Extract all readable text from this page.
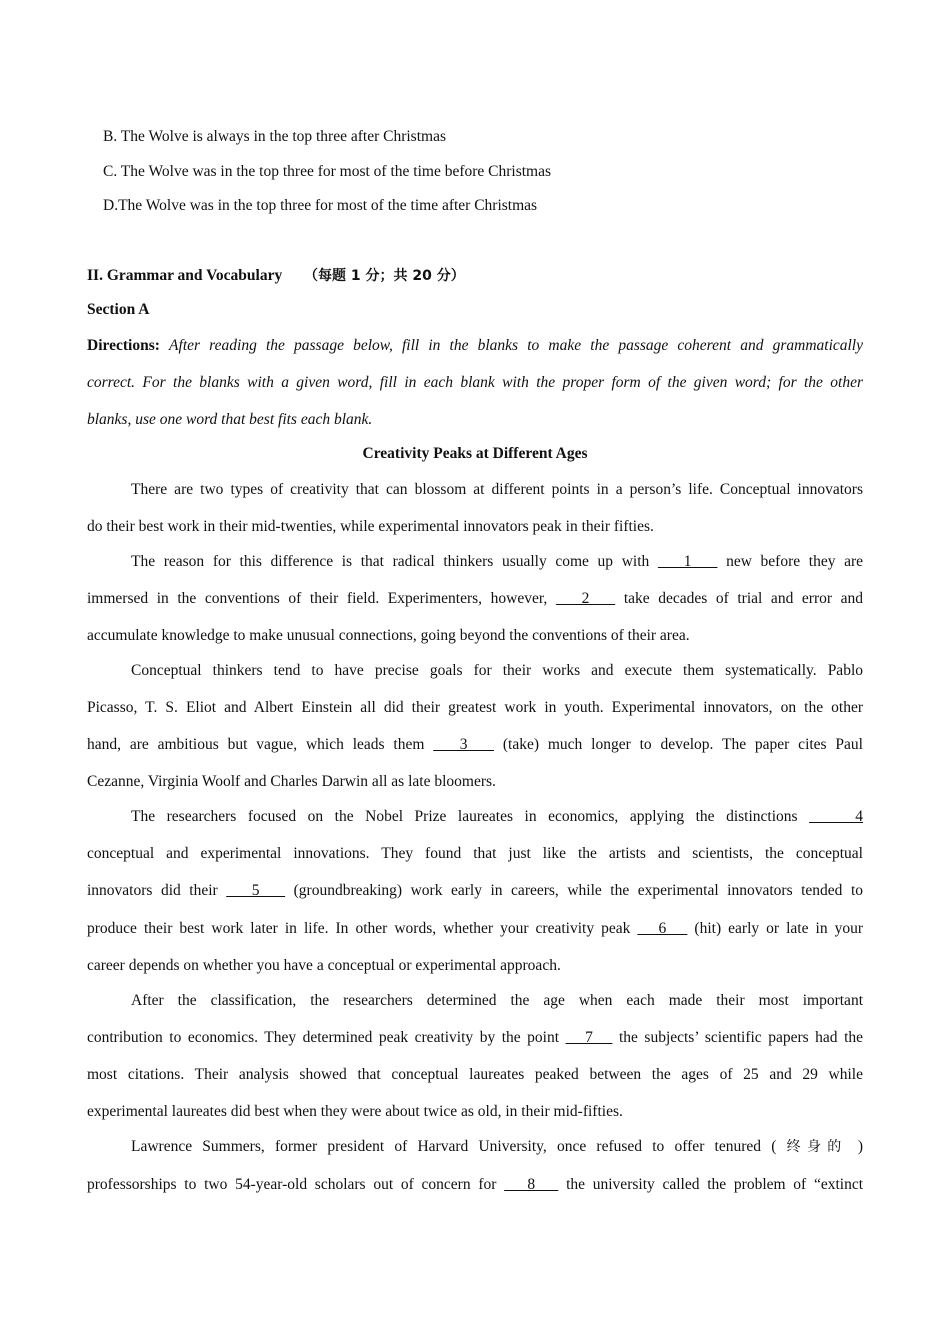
B. The Wolve is always in the top three after Christmas
C. The Wolve was in the top three for most of the time before Christmas
D.The Wolve was in the top three for most of the time after Christmas
II. Grammar and Vocabulary （每题 1 分；共 20 分）
Section A
Directions: After reading the passage below, fill in the blanks to make the passage coherent and grammatically
correct. For the blanks with a given word, fill in each blank with the proper form of the given word; for the other
blanks, use one word that best fits each blank.
Creativity Peaks at Different Ages
There are two types of creativity that can blossom at different points in a person’s life. Conceptual innovators
do their best work in their mid-twenties, while experimental innovators peak in their fifties.
The reason for this difference is that radical thinkers usually come up with    1    new before they are
immersed in the conventions of their field. Experimenters, however,    2    take decades of trial and error and
accumulate knowledge to make unusual connections, going beyond the conventions of their area.
Conceptual thinkers tend to have precise goals for their works and execute them systematically. Pablo
Picasso, T. S. Eliot and Albert Einstein all did their greatest work in youth. Experimental innovators, on the other
hand, are ambitious but vague, which leads them    3    (take) much longer to develop. The paper cites Paul
Cezanne, Virginia Woolf and Charles Darwin all as late bloomers.
The researchers focused on the Nobel Prize laureates in economics, applying the distinctions     4
conceptual and experimental innovations. They found that just like the artists and scientists, the conceptual
innovators did their    5    (groundbreaking) work early in careers, while the experimental innovators tended to
produce their best work later in life. In other words, whether your creativity peak    6    (hit) early or late in your
career depends on whether you have a conceptual or experimental approach.
After the classification, the researchers determined the age when each made their most important
contribution to economics. They determined peak creativity by the point    7    the subjects’ scientific papers had the
most citations. Their analysis showed that conceptual laureates peaked between the ages of 25 and 29 while
experimental laureates did best when they were about twice as old, in their mid-fifties.
Lawrence Summers, former president of Harvard University, once refused to offer tenured ( 终身的 )
professorships to two 54-year-old scholars out of concern for    8    the university called the problem of “extinct
